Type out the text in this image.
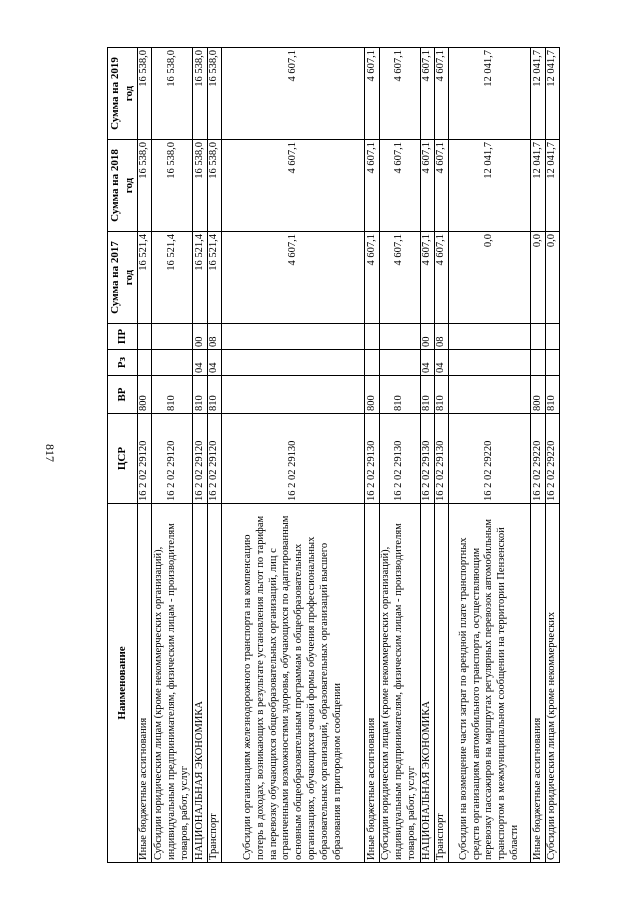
817
Наименование	ЦСР	ВР	Рз	ПР	Сумма на 2017 год	Сумма на 2018 год	Сумма на 2019 год
Иные бюджетные ассигнования	16 2 02 29120	800			16 521,4	16 538,0	16 538,0
Субсидии юридическим лицам (кроме некоммерческих организаций), индивидуальным предпринимателям, физическим лицам - производителям товаров, работ, услуг	16 2 02 29120	810			16 521,4	16 538,0	16 538,0
НАЦИОНАЛЬНАЯ ЭКОНОМИКА	16 2 02 29120	810	04	00	16 521,4	16 538,0	16 538,0
Транспорт	16 2 02 29120	810	04	08	16 521,4	16 538,0	16 538,0
Субсидии организациям железнодорожного транспорта на компенсацию потерь в доходах, возникающих в результате установления льгот по тарифам на перевозку обучающихся общеобразовательных организаций, лиц с ограниченными возможностями здоровья, обучающихся по адаптированным основным общеобразовательным программам в общеобразовательных организациях, обучающихся очной формы обучения профессиональных образовательных организаций, образовательных организаций высшего образования в пригородном сообщении	16 2 02 29130				4 607,1	4 607,1	4 607,1
Иные бюджетные ассигнования	16 2 02 29130	800			4 607,1	4 607,1	4 607,1
Субсидии юридическим лицам (кроме некоммерческих организаций), индивидуальным предпринимателям, физическим лицам - производителям товаров, работ, услуг	16 2 02 29130	810			4 607,1	4 607,1	4 607,1
НАЦИОНАЛЬНАЯ ЭКОНОМИКА	16 2 02 29130	810	04	00	4 607,1	4 607,1	4 607,1
Транспорт	16 2 02 29130	810	04	08	4 607,1	4 607,1	4 607,1
Субсидии на возмещение части затрат по арендной плате транспортных средств организациям автомобильного транспорта, осуществляющим перевозку пассажиров на маршрутах регулярных перевозок автомобильным транспортом в межмуниципальном сообщении на территории Пензенской области	16 2 02 29220				0,0	12 041,7	12 041,7
Иные бюджетные ассигнования	16 2 02 29220	800			0,0	12 041,7	12 041,7
Субсидии юридическим лицам (кроме некоммерческих	16 2 02 29220	810			0,0	12 041,7	12 041,7
